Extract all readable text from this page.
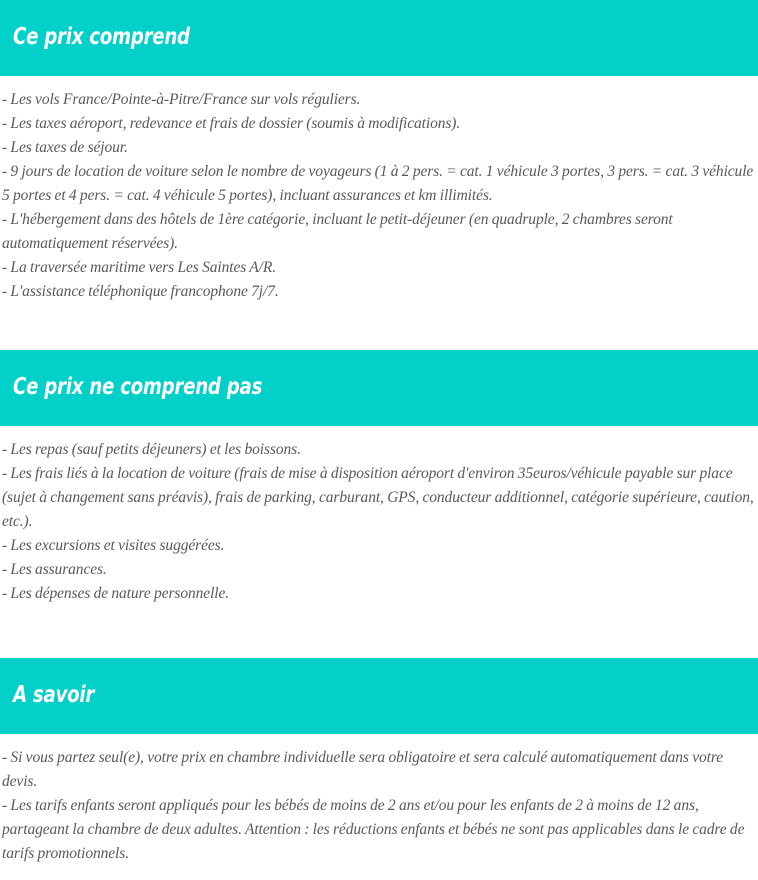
Ce prix comprend

- Les vols France/Pointe-à-Pitre/France sur vols réguliers.

- Les taxes aéroport, redevance et frais de dossier (soumis à modifications).

- Les taxes de séjour.

- 9 jours de location de voiture selon le nombre de voyageurs (1 à 2 pers. = cat. 1 véhicule 3 portes, 3 pers. = cat. 3 véhicule 5 portes et 4 pers. = cat. 4 véhicule 5 portes), incluant assurances et km illimités.

- L'hébergement dans des hôtels de 1ère catégorie, incluant le petit-déjeuner (en quadruple, 2 chambres seront automatiquement réservées).

- La traversée maritime vers Les Saintes A/R.

- L'assistance téléphonique francophone 7j/7.

Ce prix ne comprend pas

- Les repas (sauf petits déjeuners) et les boissons.

- Les frais liés à la location de voiture (frais de mise à disposition aéroport d'environ 35euros/véhicule payable sur place (sujet à changement sans préavis), frais de parking, carburant, GPS, conducteur additionnel, catégorie supérieure, caution, etc.).

- Les excursions et visites suggérées.

- Les assurances.

- Les dépenses de nature personnelle.

A savoir

- Si vous partez seul(e), votre prix en chambre individuelle sera obligatoire et sera calculé automatiquement dans votre devis.

- Les tarifs enfants seront appliqués pour les bébés de moins de 2 ans et/ou pour les enfants de 2 à moins de 12 ans, partageant la chambre de deux adultes. Attention : les réductions enfants et bébés ne sont pas applicables dans le cadre de tarifs promotionnels.
